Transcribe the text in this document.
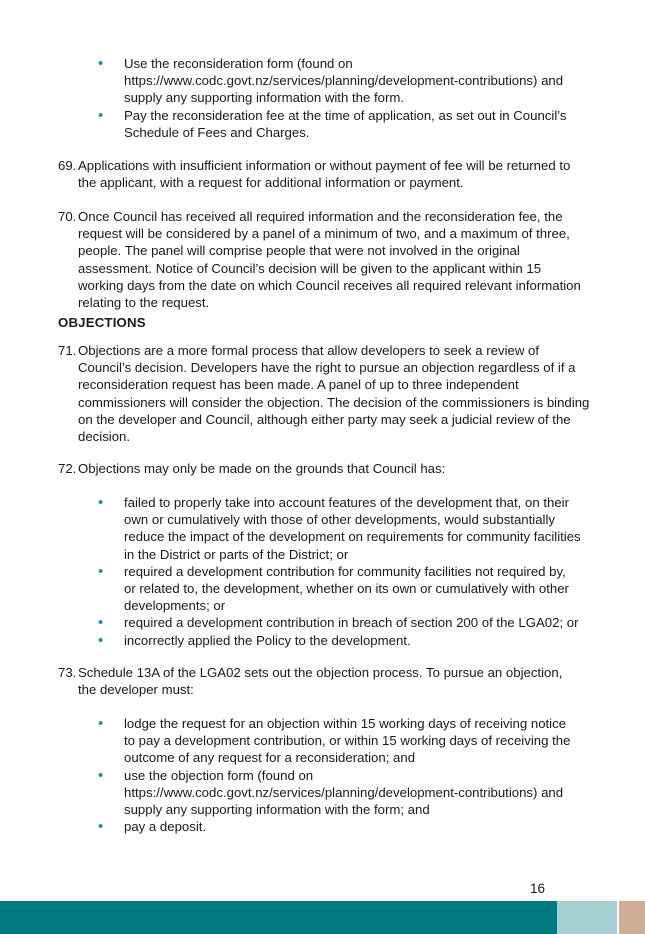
• Use the reconsideration form (found on https://www.codc.govt.nz/services/planning/development-contributions) and supply any supporting information with the form.
• Pay the reconsideration fee at the time of application, as set out in Council’s Schedule of Fees and Charges.
69. Applications with insufficient information or without payment of fee will be returned to the applicant, with a request for additional information or payment.
70. Once Council has received all required information and the reconsideration fee, the request will be considered by a panel of a minimum of two, and a maximum of three, people. The panel will comprise people that were not involved in the original assessment. Notice of Council’s decision will be given to the applicant within 15 working days from the date on which Council receives all required relevant information relating to the request.
OBJECTIONS
71. Objections are a more formal process that allow developers to seek a review of Council’s decision. Developers have the right to pursue an objection regardless of if a reconsideration request has been made. A panel of up to three independent commissioners will consider the objection. The decision of the commissioners is binding on the developer and Council, although either party may seek a judicial review of the decision.
72. Objections may only be made on the grounds that Council has:
• failed to properly take into account features of the development that, on their own or cumulatively with those of other developments, would substantially reduce the impact of the development on requirements for community facilities in the District or parts of the District; or
• required a development contribution for community facilities not required by, or related to, the development, whether on its own or cumulatively with other developments; or
• required a development contribution in breach of section 200 of the LGA02; or
• incorrectly applied the Policy to the development.
73. Schedule 13A of the LGA02 sets out the objection process. To pursue an objection, the developer must:
• lodge the request for an objection within 15 working days of receiving notice to pay a development contribution, or within 15 working days of receiving the outcome of any request for a reconsideration; and
• use the objection form (found on https://www.codc.govt.nz/services/planning/development-contributions) and supply any supporting information with the form; and
• pay a deposit.
16
